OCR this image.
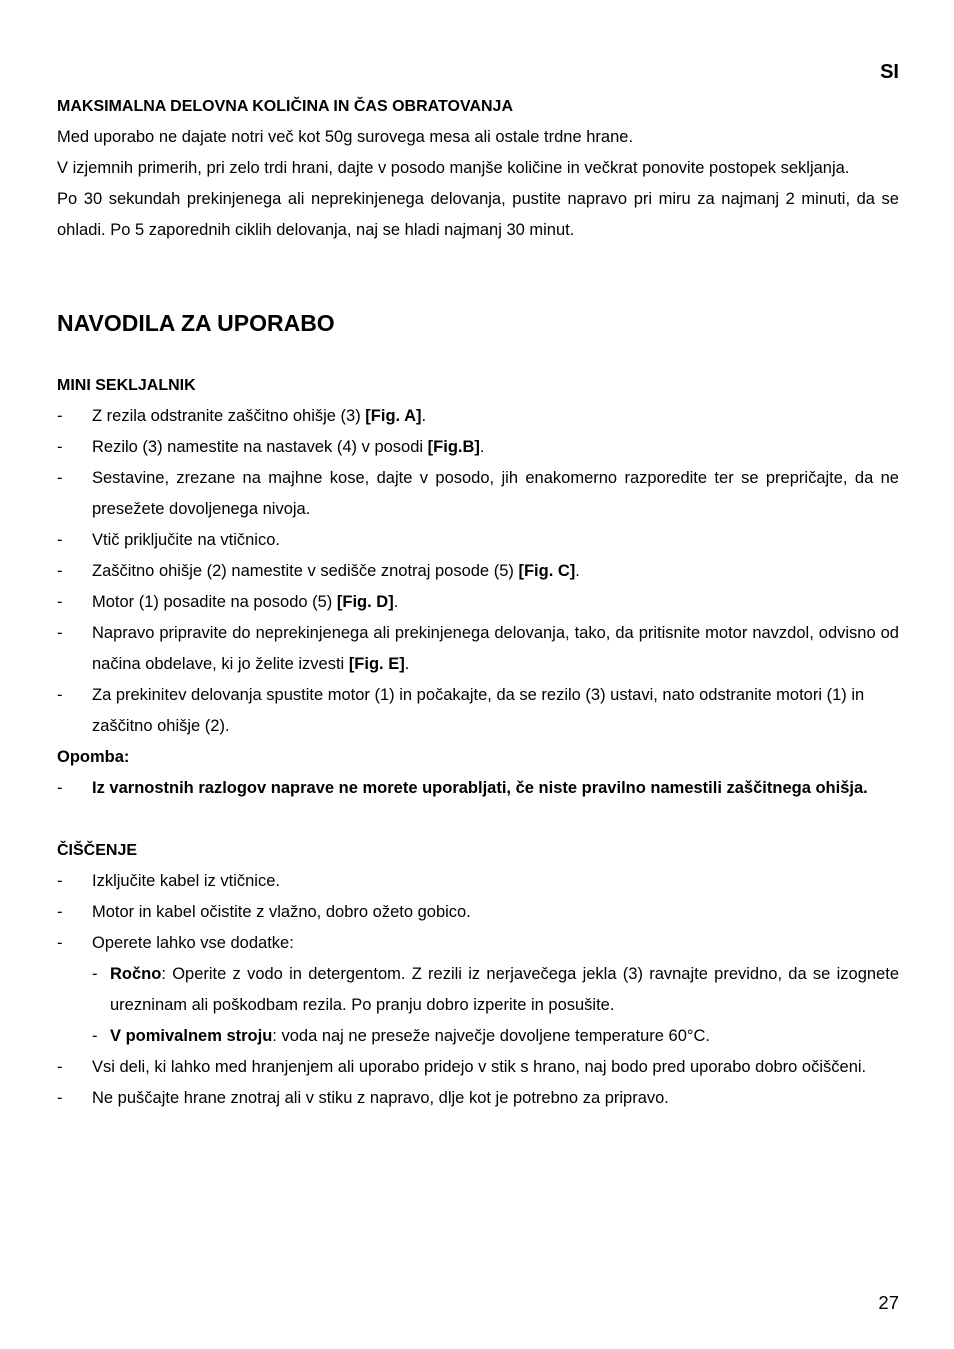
SI

MAKSIMALNA DELOVNA KOLIČINA IN ČAS OBRATOVANJA

Med uporabo ne dajate notri več kot 50g surovega mesa ali ostale trdne hrane.

V izjemnih primerih, pri zelo trdi hrani, dajte v posodo manjše količine in večkrat ponovite postopek sekljanja.

Po 30 sekundah prekinjenega ali neprekinjenega delovanja, pustite napravo pri miru za najmanj 2 minuti, da se ohladi. Po 5 zaporednih ciklih delovanja, naj se hladi najmanj 30 minut.

NAVODILA ZA UPORABO

MINI SEKLJALNIK

-	Z rezila odstranite zaščitno ohišje (3) [Fig. A].
-	Rezilo (3) namestite na nastavek (4) v posodi [Fig.B].
-	Sestavine, zrezane na majhne kose, dajte v posodo, jih enakomerno razporedite ter se prepričajte, da ne presežete dovoljenega nivoja.
-	Vtič priključite na vtičnico.
-	Zaščitno ohišje (2) namestite v sedišče znotraj posode (5) [Fig. C].
-	Motor (1) posadite na posodo (5) [Fig. D].
-	Napravo pripravite do neprekinjenega ali prekinjenega delovanja, tako, da pritisnite motor navzdol, odvisno od načina obdelave, ki jo želite izvesti [Fig. E].
-	Za prekinitev delovanja spustite motor (1) in počakajte, da se rezilo (3) ustavi, nato odstranite motori (1) in zaščitno ohišje (2).

Opomba:

-	Iz varnostnih razlogov naprave ne morete uporabljati, če niste pravilno namestili zaščitnega ohišja.

ČIŠČENJE

-	Izključite kabel iz vtičnice.
-	Motor in kabel očistite z vlažno, dobro ožeto gobico.
-	Operete lahko vse dodatke:
- Ročno: Operite z vodo in detergentom. Z rezili iz nerjavečega jekla (3) ravnajte previdno, da se izognete urezninam ali poškodbam rezila. Po pranju dobro izperite in posušite.
- V pomivalnem stroju: voda naj ne preseže največje dovoljene temperature 60°C.
-	Vsi deli, ki lahko med hranjenjem ali uporabo pridejo v stik s hrano, naj bodo pred uporabo dobro očiščeni.
-	Ne puščajte hrane znotraj ali v stiku z napravo, dlje kot je potrebno za pripravo.
27
